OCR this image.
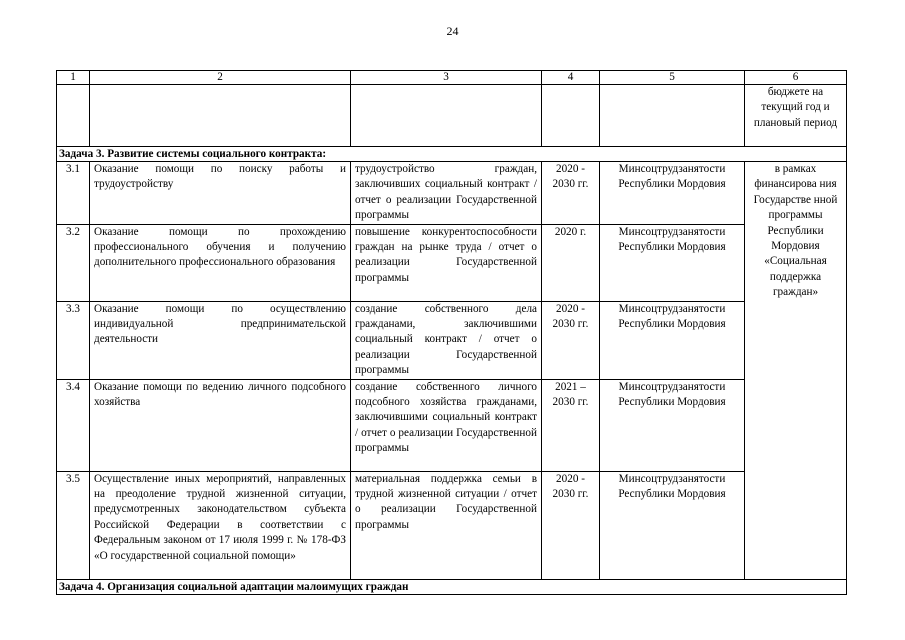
24
1	2	3	4	5	6
					бюджете на текущий год и плановый период
Задача 3. Развитие системы социального контракта:					
3.1	Оказание помощи по поиску работы и трудоустройству	трудоустройство граждан, заключивших социальный контракт / отчет о реализации Государственной программы	2020 - 2030 гг.	Минсоцтрудзанятости Республики Мордовия	в рамках финансирова ния Государстве нной программы Республики Мордовия «Социальная поддержка граждан»
3.2	Оказание помощи по прохождению профессионального обучения и получению дополнительного профессионального образования	повышение конкурентоспособности граждан на рынке труда / отчет о реализации Государственной программы	2020 г.	Минсоцтрудзанятости Республики Мордовия	
3.3	Оказание помощи по осуществлению индивидуальной предпринимательской деятельности	создание собственного дела гражданами, заключившими социальный контракт / отчет о реализации Государственной программы	2020 - 2030 гг.	Минсоцтрудзанятости Республики Мордовия	
3.4	Оказание помощи по ведению личного подсобного хозяйства	создание собственного личного подсобного хозяйства гражданами, заключившими социальный контракт / отчет о реализации Государственной программы	2021 – 2030 гг.	Минсоцтрудзанятости Республики Мордовия	
3.5	Осуществление иных мероприятий, направленных на преодоление трудной жизненной ситуации, предусмотренных законодательством субъекта Российской Федерации в соответствии с Федеральным законом от 17 июля 1999 г. № 178-ФЗ «О государственной социальной помощи»	материальная поддержка семьи в трудной жизненной ситуации / отчет о реализации Государственной программы	2020 - 2030 гг.	Минсоцтрудзанятости Республики Мордовия	
Задача 4. Организация социальной адаптации малоимущих граждан					
